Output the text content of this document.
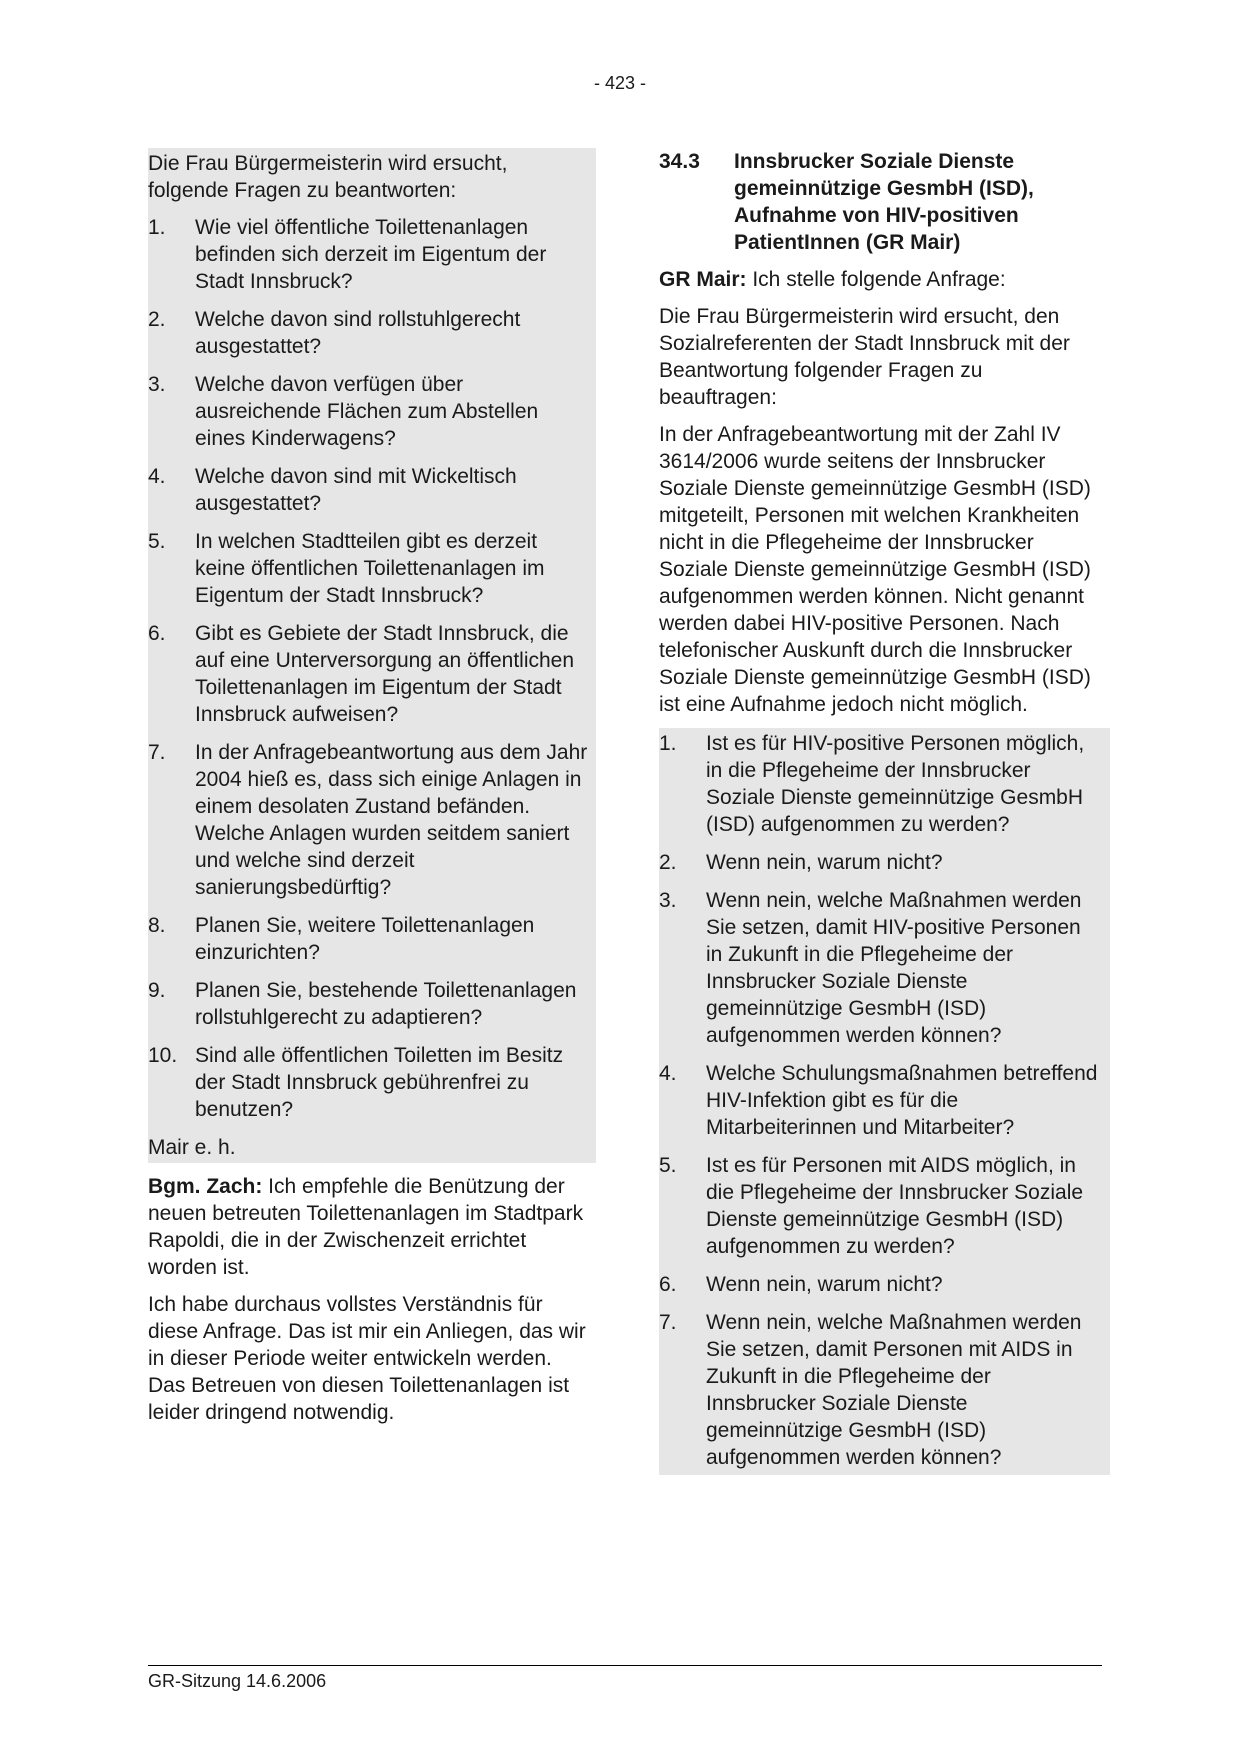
- 423 -

Die Frau Bürgermeisterin wird ersucht, folgende Fragen zu beantworten:

1. Wie viel öffentliche Toilettenanlagen befinden sich derzeit im Eigentum der Stadt Innsbruck?
2. Welche davon sind rollstuhlgerecht ausgestattet?
3. Welche davon verfügen über ausreichende Flächen zum Abstellen eines Kinderwagens?
4. Welche davon sind mit Wickeltisch ausgestattet?
5. In welchen Stadtteilen gibt es derzeit keine öffentlichen Toilettenanlagen im Eigentum der Stadt Innsbruck?
6. Gibt es Gebiete der Stadt Innsbruck, die auf eine Unterversorgung an öffentlichen Toilettenanlagen im Eigentum der Stadt Innsbruck aufweisen?
7. In der Anfragebeantwortung aus dem Jahr 2004 hieß es, dass sich einige Anlagen in einem desolaten Zustand befänden. Welche Anlagen wurden seitdem saniert und welche sind derzeit sanierungsbedürftig?
8. Planen Sie, weitere Toilettenanlagen einzurichten?
9. Planen Sie, bestehende Toilettenanlagen rollstuhlgerecht zu adaptieren?
10. Sind alle öffentlichen Toiletten im Besitz der Stadt Innsbruck gebührenfrei zu benutzen?

Mair e. h.

Bgm. Zach: Ich empfehle die Benützung der neuen betreuten Toilettenanlagen im Stadtpark Rapoldi, die in der Zwischenzeit errichtet worden ist.

Ich habe durchaus vollstes Verständnis für diese Anfrage. Das ist mir ein Anliegen, das wir in dieser Periode weiter entwickeln werden. Das Betreuen von diesen Toilettenanlagen ist leider dringend notwendig.

34.3 Innsbrucker Soziale Dienste gemeinnützige GesmbH (ISD), Aufnahme von HIV-positiven PatientInnen (GR Mair)

GR Mair: Ich stelle folgende Anfrage:

Die Frau Bürgermeisterin wird ersucht, den Sozialreferenten der Stadt Innsbruck mit der Beantwortung folgender Fragen zu beauftragen:

In der Anfragebeantwortung mit der Zahl IV 3614/2006 wurde seitens der Innsbrucker Soziale Dienste gemeinnützige GesmbH (ISD) mitgeteilt, Personen mit welchen Krankheiten nicht in die Pflegeheime der Innsbrucker Soziale Dienste gemeinnützige GesmbH (ISD) aufgenommen werden können. Nicht genannt werden dabei HIV-positive Personen. Nach telefonischer Auskunft durch die Innsbrucker Soziale Dienste gemeinnützige GesmbH (ISD) ist eine Aufnahme jedoch nicht möglich.

1. Ist es für HIV-positive Personen möglich, in die Pflegeheime der Innsbrucker Soziale Dienste gemeinnützige GesmbH (ISD) aufgenommen zu werden?
2. Wenn nein, warum nicht?
3. Wenn nein, welche Maßnahmen werden Sie setzen, damit HIV-positive Personen in Zukunft in die Pflegeheime der Innsbrucker Soziale Dienste gemeinnützige GesmbH (ISD) aufgenommen werden können?
4. Welche Schulungsmaßnahmen betreffend HIV-Infektion gibt es für die Mitarbeiterinnen und Mitarbeiter?
5. Ist es für Personen mit AIDS möglich, in die Pflegeheime der Innsbrucker Soziale Dienste gemeinnützige GesmbH (ISD) aufgenommen zu werden?
6. Wenn nein, warum nicht?
7. Wenn nein, welche Maßnahmen werden Sie setzen, damit Personen mit AIDS in Zukunft in die Pflegeheime der Innsbrucker Soziale Dienste gemeinnützige GesmbH (ISD) aufgenommen werden können?
GR-Sitzung 14.6.2006
